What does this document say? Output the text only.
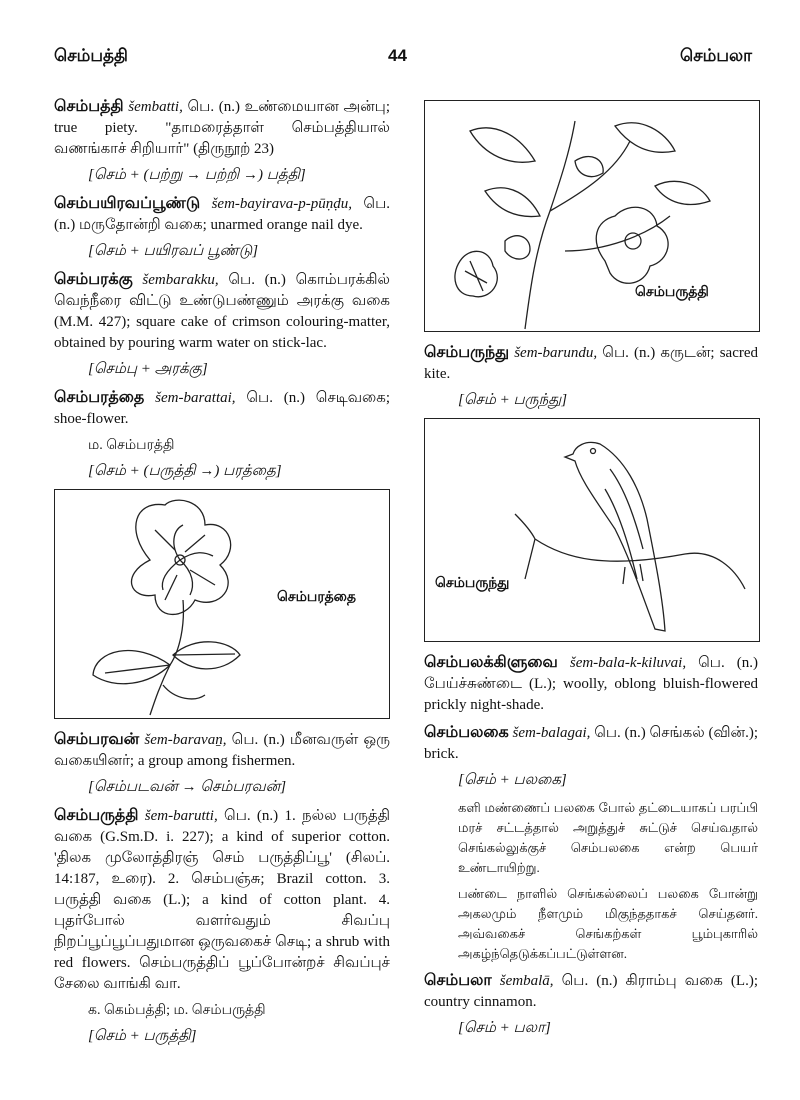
செம்பத்தி	44	செம்பலா

செம்பத்தி šembatti, பெ. (n.) உண்மையான அன்பு; true piety. "தாமரைத்தாள் செம்பத்தியால் வணங்காச் சிறியார்" (திருநூற் 23)

[செம் + (பற்று → பற்றி →) பத்தி]

செம்பயிரவப்பூண்டு šem-bayirava-p-pūṇḍu, பெ. (n.) மருதோன்றி வகை; unarmed orange nail dye.

[செம் + பயிரவப் பூண்டு]

செம்பரக்கு šembarakku, பெ. (n.) கொம்பரக்கில் வெந்நீரை விட்டு உண்டுபண்ணும் அரக்கு வகை (M.M. 427); square cake of crimson colouring-matter, obtained by pouring warm water on stick-lac.

[செம்பு + அரக்கு]

செம்பரத்தை šem-barattai, பெ. (n.) செடிவகை; shoe-flower.

ம. செம்பரத்தி
[செம் + (பருத்தி →) பரத்தை]
செம்பரத்தை

செம்பரவன் šem-baravaṉ, பெ. (n.) மீனவருள் ஒரு வகையினர்; a group among fishermen.

[செம்படவன் → செம்பரவன்]

செம்பருத்தி šem-barutti, பெ. (n.) 1. நல்ல பருத்தி வகை (G.Sm.D. i. 227); a kind of superior cotton. 'திலக முலோத்திரஞ் செம் பருத்திப்பூ' (சிலப். 14:187, உரை). 2. செம்பஞ்சு; Brazil cotton. 3. பருத்தி வகை (L.); a kind of cotton plant. 4. புதர்போல் வளர்வதும் சிவப்பு நிறப்பூப்பூப்பதுமான ஒருவகைச் செடி; a shrub with red flowers. செம்பருத்திப் பூப்போன்றச் சிவப்புச் சேலை வாங்கி வா.

க. கெம்பத்தி; ம. செம்பருத்தி
[செம் + பருத்தி]
செம்பருத்தி

செம்பருந்து šem-barundu, பெ. (n.) கருடன்; sacred kite.

[செம் + பருந்து]
செம்பருந்து

செம்பலக்கிளுவை šem-bala-k-kiluvai, பெ. (n.) பேய்ச்சுண்டை (L.); woolly, oblong bluish-flowered prickly night-shade.

செம்பலகை šem-balagai, பெ. (n.) செங்கல் (வின்.); brick.

[செம் + பலகை]
களி மண்ணைப் பலகை போல் தட்டையாகப் பரப்பி மரச் சட்டத்தால் அறுத்துச் சுட்டுச் செய்வதால் செங்கல்லுக்குச் செம்பலகை என்ற பெயர் உண்டாயிற்று.
பண்டை நாளில் செங்கல்லைப் பலகை போன்று அகலமும் நீளமும் மிகுந்ததாகச் செய்தனர். அவ்வகைச் செங்கற்கள் பூம்புகாரில் அகழ்ந்தெடுக்கப்பட்டுள்ளன.

செம்பலா šembalā, பெ. (n.) கிராம்பு வகை (L.); country cinnamon.

[செம் + பலா]
